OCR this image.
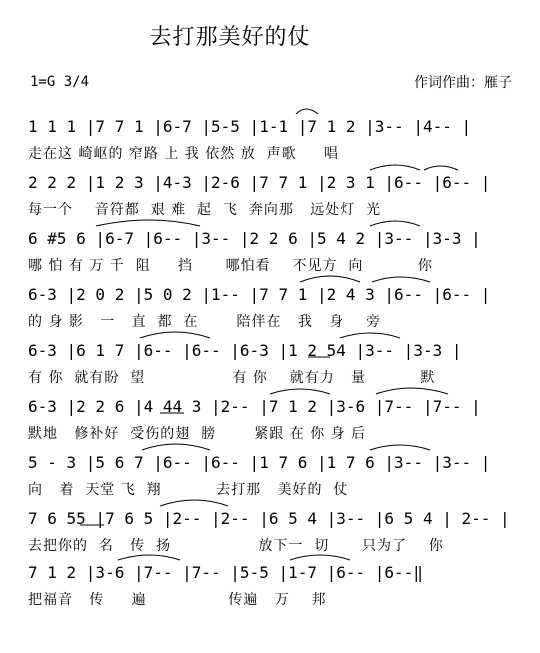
去打那美好的仗
1=G 3/4	作词作曲：雁子
1 1 1 |7 7 1 |6-7 |5-5 |1-1 |7 1 2 |3-- |4-- |
走在这 崎岖的 窄路 上 我 依然 放  声歌     唱
2 2 2 |1 2 3 |4-3 |2-6 |7 7 1 |2 3 1 |6-- |6-- |
每一个    音符都  艰 难  起  飞  奔向那   远处灯  光
6 #5 6 |6-7 |6-- |3-- |2 2 6 |5 4 2 |3-- |3-3 |
哪 怕 有 万 千  阻     挡      哪怕看    不见方  向          你
6-3 |2 0 2 |5 0 2 |1-- |7 7 1 |2 4 3 |6-- |6-- |
的 身 影   一   直  都  在       陪伴在   我   身    旁
6-3 |6 1 7 |6-- |6-- |6-3 |1 2 54 |3-- |3-3 |
有 你  就有盼  望                有 你    就有力   量          默
6-3 |2 2 6 |4 44 3 |2-- |7 1 2 |3-6 |7-- |7-- |
默地   修补好  受伤的翅  膀       紧跟 在 你 身 后
5 - 3 |5 6 7 |6-- |6-- |1 7 6 |1 7 6 |3-- |3-- |
向   着  天堂 飞  翔          去打那   美好的  仗
7 6 55 |7 6 5 |2-- |2-- |6 5 4 |3-- |6 5 4 | 2-- |
去把你的  名   传  扬                放下一  切      只为了    你
7 1 2 |3-6 |7-- |7-- |5-5 |1-7 |6-- |6--‖
把福音   传     遍               传遍   万    邦
